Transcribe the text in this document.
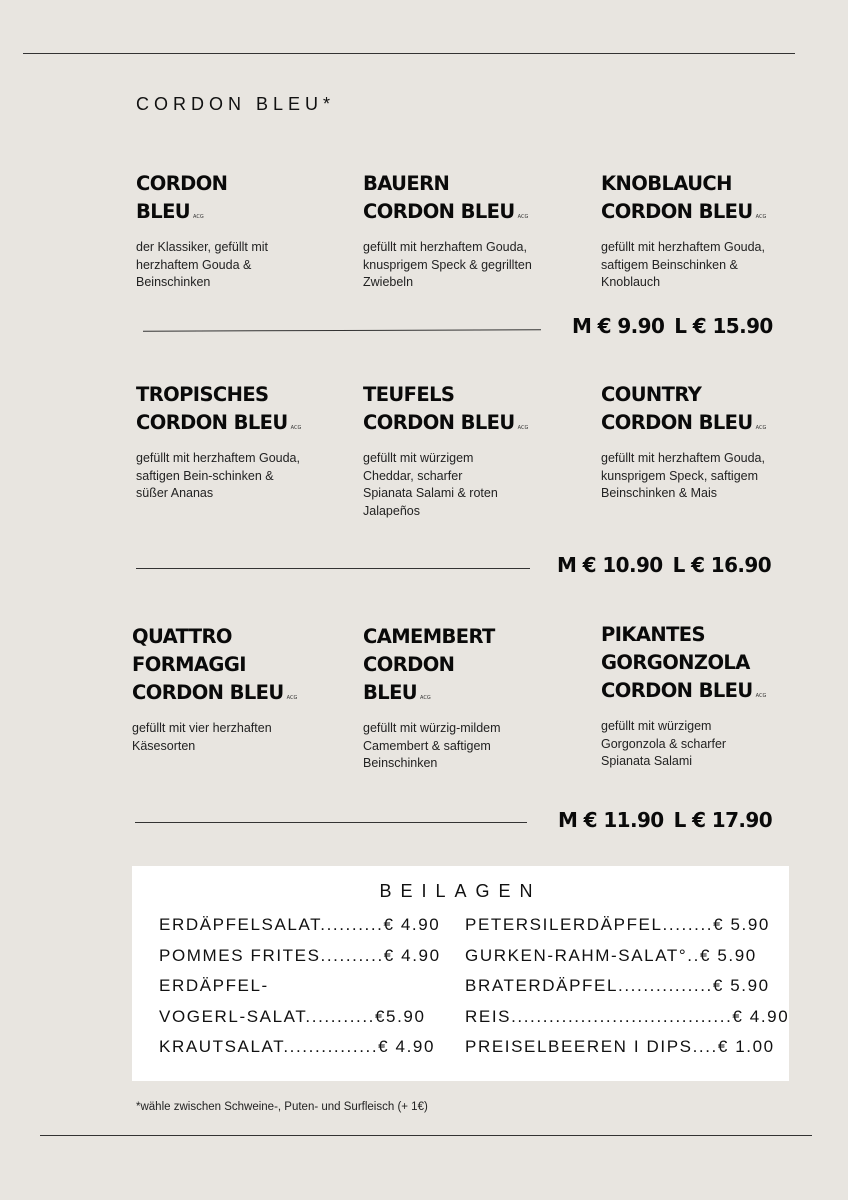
CORDON BLEU*
CORDON
BLEU ACG
der Klassiker, gefüllt mit herzhaftem Gouda & Beinschinken
BAUERN
CORDON BLEU ACG
gefüllt mit herzhaftem Gouda, knusprigem Speck & gegrillten Zwiebeln
KNOBLAUCH
CORDON BLEU ACG
gefüllt mit herzhaftem Gouda, saftigem Beinschinken & Knoblauch
M € 9.90 L € 15.90
TROPISCHES
CORDON BLEU ACG
gefüllt mit herzhaftem Gouda, saftigen Bein-schinken & süßer Ananas
TEUFELS
CORDON BLEU ACG
gefüllt mit würzigem Cheddar, scharfer Spianata Salami & roten Jalapeños
COUNTRY
CORDON BLEU ACG
gefüllt mit herzhaftem Gouda, kunsprigem Speck, saftigem Beinschinken & Mais
M € 10.90 L € 16.90
QUATTRO
FORMAGGI
CORDON BLEU ACG
gefüllt mit vier herzhaften Käsesorten
CAMEMBERT
CORDON
BLEU ACG
gefüllt mit würzig-mildem Camembert & saftigem Beinschinken
PIKANTES
GORGONZOLA
CORDON BLEU ACG
gefüllt mit würzigem Gorgonzola & scharfer Spianata Salami
M € 11.90 L € 17.90
BEILAGEN
ERDÄPFELSALAT..........€ 4.90
POMMES FRITES..........€ 4.90
ERDÄPFEL-
VOGERL-SALAT...........€5.90
KRAUTSALAT...............€ 4.90
PETERSILERDÄPFEL........€ 5.90
GURKEN-RAHM-SALAT°..€ 5.90
BRATERDÄPFEL...............€ 5.90
REIS...................................€ 4.90
PREISELBEEREN I DIPS....€ 1.00
*wähle zwischen Schweine-, Puten- und Surfleisch (+ 1€)
